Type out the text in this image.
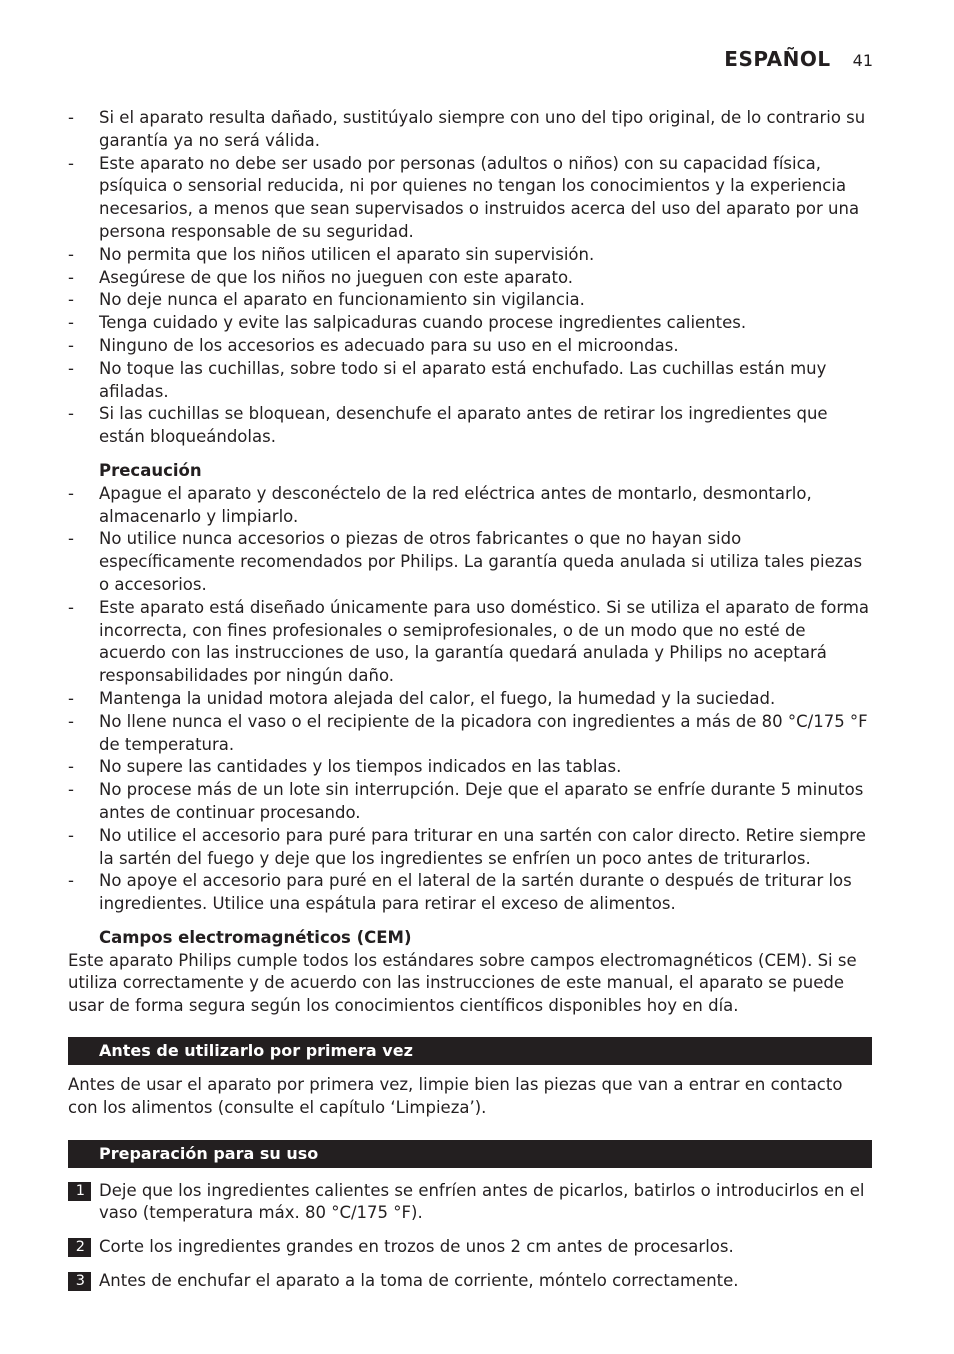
ESPAÑOL 41
- Si el aparato resulta dañado, sustitúyalo siempre con uno del tipo original, de lo contrario su garantía ya no será válida.
- Este aparato no debe ser usado por personas (adultos o niños) con su capacidad física, psíquica o sensorial reducida, ni por quienes no tengan los conocimientos y la experiencia necesarios, a menos que sean supervisados o instruidos acerca del uso del aparato por una persona responsable de su seguridad.
- No permita que los niños utilicen el aparato sin supervisión.
- Asegúrese de que los niños no jueguen con este aparato.
- No deje nunca el aparato en funcionamiento sin vigilancia.
- Tenga cuidado y evite las salpicaduras cuando procese ingredientes calientes.
- Ninguno de los accesorios es adecuado para su uso en el microondas.
- No toque las cuchillas, sobre todo si el aparato está enchufado. Las cuchillas están muy afiladas.
- Si las cuchillas se bloquean, desenchufe el aparato antes de retirar los ingredientes que están bloqueándolas.
Precaución
- Apague el aparato y desconéctelo de la red eléctrica antes de montarlo, desmontarlo, almacenarlo y limpiarlo.
- No utilice nunca accesorios o piezas de otros fabricantes o que no hayan sido específicamente recomendados por Philips. La garantía queda anulada si utiliza tales piezas o accesorios.
- Este aparato está diseñado únicamente para uso doméstico. Si se utiliza el aparato de forma incorrecta, con fines profesionales o semiprofesionales, o de un modo que no esté de acuerdo con las instrucciones de uso, la garantía quedará anulada y Philips no aceptará responsabilidades por ningún daño.
- Mantenga la unidad motora alejada del calor, el fuego, la humedad y la suciedad.
- No llene nunca el vaso o el recipiente de la picadora con ingredientes a más de 80 °C/175 °F de temperatura.
- No supere las cantidades y los tiempos indicados en las tablas.
- No procese más de un lote sin interrupción. Deje que el aparato se enfríe durante 5 minutos antes de continuar procesando.
- No utilice el accesorio para puré para triturar en una sartén con calor directo. Retire siempre la sartén del fuego y deje que los ingredientes se enfríen un poco antes de triturarlos.
- No apoye el accesorio para puré en el lateral de la sartén durante o después de triturar los ingredientes. Utilice una espátula para retirar el exceso de alimentos.
Campos electromagnéticos (CEM)

Este aparato Philips cumple todos los estándares sobre campos electromagnéticos (CEM). Si se utiliza correctamente y de acuerdo con las instrucciones de este manual, el aparato se puede usar de forma segura según los conocimientos científicos disponibles hoy en día.

Antes de utilizarlo por primera vez

Antes de usar el aparato por primera vez, limpie bien las piezas que van a entrar en contacto con los alimentos (consulte el capítulo ‘Limpieza’).

Preparación para su uso
1 Deje que los ingredientes calientes se enfríen antes de picarlos, batirlos o introducirlos en el vaso (temperatura máx. 80 °C/175 °F).
2 Corte los ingredientes grandes en trozos de unos 2 cm antes de procesarlos.
3 Antes de enchufar el aparato a la toma de corriente, móntelo correctamente.
